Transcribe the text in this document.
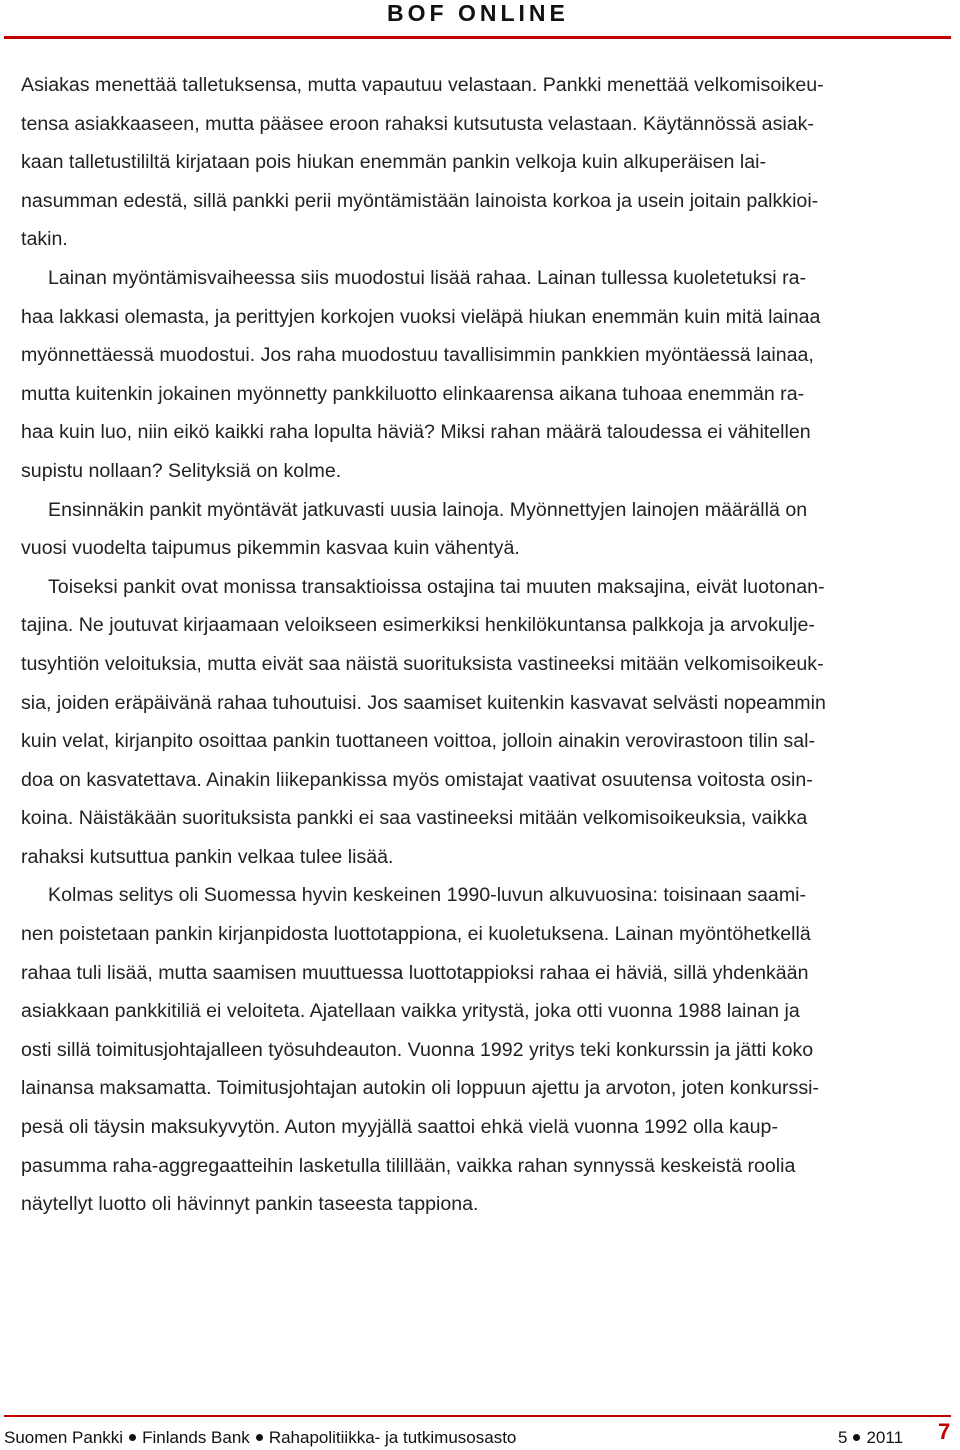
BOF ONLINE
Asiakas menettää talletuksensa, mutta vapautuu velastaan. Pankki menettää velkomisoikeu-
tensa asiakkaaseen, mutta pääsee eroon rahaksi kutsutusta velastaan. Käytännössä asiak-
kaan talletustililtä kirjataan pois hiukan enemmän pankin velkoja kuin alkuperäisen lai-
nasumman edestä, sillä pankki perii myöntämistään lainoista korkoa ja usein joitain palkkioi-
takin.
Lainan myöntämisvaiheessa siis muodostui lisää rahaa. Lainan tullessa kuoletetuksi ra-
haa lakkasi olemasta, ja perittyjen korkojen vuoksi vieläpä hiukan enemmän kuin mitä lainaa
myönnettäessä muodostui. Jos raha muodostuu tavallisimmin pankkien myöntäessä lainaa,
mutta kuitenkin jokainen myönnetty pankkiluotto elinkaarensa aikana tuhoaa enemmän ra-
haa kuin luo, niin eikö kaikki raha lopulta häviä? Miksi rahan määrä taloudessa ei vähitellen
supistu nollaan? Selityksiä on kolme.
Ensinnäkin pankit myöntävät jatkuvasti uusia lainoja. Myönnettyjen lainojen määrällä on
vuosi vuodelta taipumus pikemmin kasvaa kuin vähentyä.
Toiseksi pankit ovat monissa transaktioissa ostajina tai muuten maksajina, eivät luotonan-
tajina. Ne joutuvat kirjaamaan veloikseen esimerkiksi henkilökuntansa palkkoja ja arvokulje-
tusyhtiön veloituksia, mutta eivät saa näistä suorituksista vastineeksi mitään velkomisoikeuk-
sia, joiden eräpäivänä rahaa tuhoutuisi. Jos saamiset kuitenkin kasvavat selvästi nopeammin
kuin velat, kirjanpito osoittaa pankin tuottaneen voittoa, jolloin ainakin verovirastoon tilin sal-
doa on kasvatettava. Ainakin liikepankissa myös omistajat vaativat osuutensa voitosta osin-
koina. Näistäkään suorituksista pankki ei saa vastineeksi mitään velkomisoikeuksia, vaikka
rahaksi kutsuttua pankin velkaa tulee lisää.
Kolmas selitys oli Suomessa hyvin keskeinen 1990-luvun alkuvuosina: toisinaan saami-
nen poistetaan pankin kirjanpidosta luottotappiona, ei kuoletuksena. Lainan myöntöhetkellä
rahaa tuli lisää, mutta saamisen muuttuessa luottotappioksi rahaa ei häviä, sillä yhdenkään
asiakkaan pankkitiliä ei veloiteta. Ajatellaan vaikka yritystä, joka otti vuonna 1988 lainan ja
osti sillä toimitusjohtajalleen työsuhdeauton. Vuonna 1992 yritys teki konkurssin ja jätti koko
lainansa maksamatta. Toimitusjohtajan autokin oli loppuun ajettu ja arvoton, joten konkurssi-
pesä oli täysin maksukyvytön. Auton myyjällä saattoi ehkä vielä vuonna 1992 olla kaup-
pasumma raha-aggregaatteihin lasketulla tilillään, vaikka rahan synnyssä keskeistä roolia
näytellyt luotto oli hävinnyt pankin taseesta tappiona.
Suomen Pankki Finlands Bank Rahapolitiikka- ja tutkimusosasto	5 2011 7
